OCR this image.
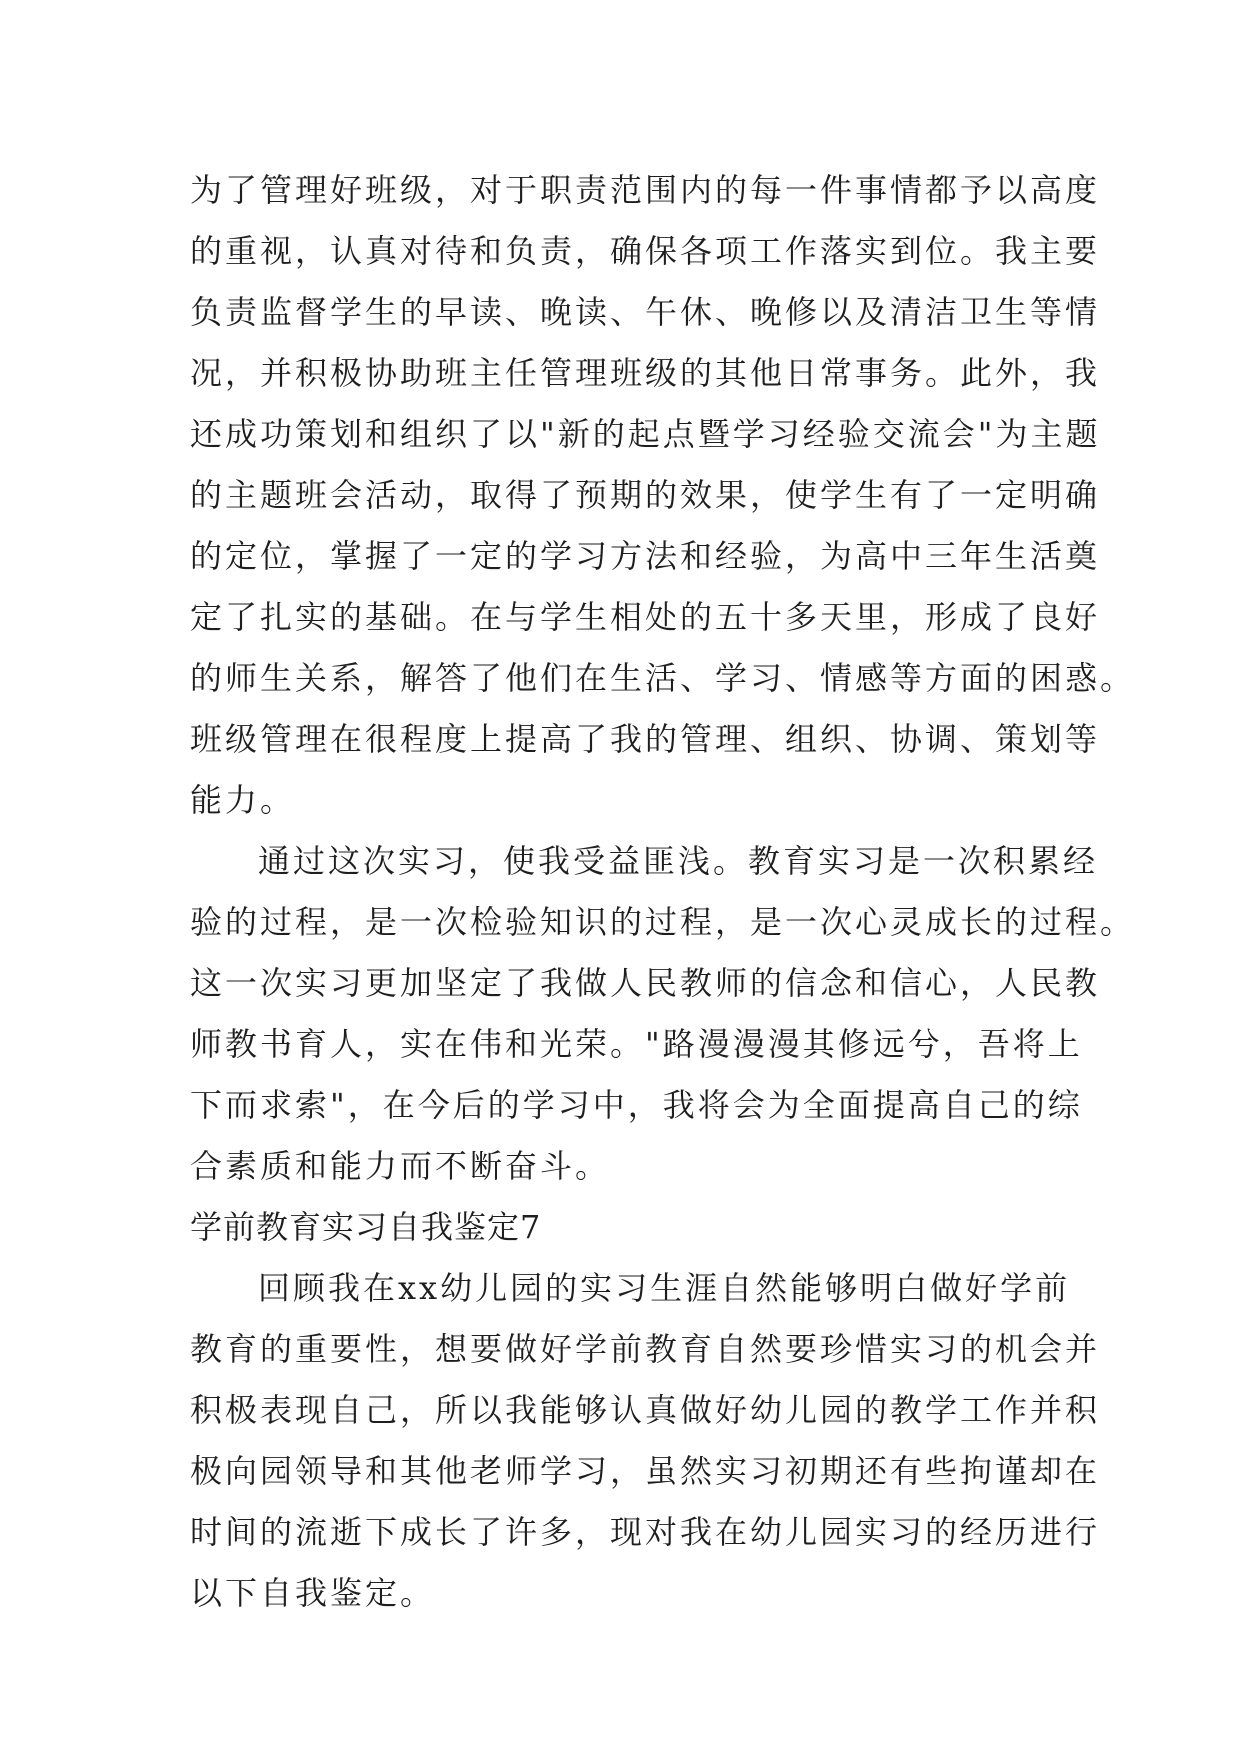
为了管理好班级，对于职责范围内的每一件事情都予以高度
的重视，认真对待和负责，确保各项工作落实到位。我主要
负责监督学生的早读、晚读、午休、晚修以及清洁卫生等情
况，并积极协助班主任管理班级的其他日常事务。此外，我
还成功策划和组织了以"新的起点暨学习经验交流会"为主题
的主题班会活动，取得了预期的效果，使学生有了一定明确
的定位，掌握了一定的学习方法和经验，为高中三年生活奠
定了扎实的基础。在与学生相处的五十多天里，形成了良好
的师生关系，解答了他们在生活、学习、情感等方面的困惑。
班级管理在很程度上提高了我的管理、组织、协调、策划等
能力。
通过这次实习，使我受益匪浅。教育实习是一次积累经
验的过程，是一次检验知识的过程，是一次心灵成长的过程。
这一次实习更加坚定了我做人民教师的信念和信心，人民教
师教书育人，实在伟和光荣。"路漫漫漫其修远兮，吾将上
下而求索"，在今后的学习中，我将会为全面提高自己的综
合素质和能力而不断奋斗。
学前教育实习自我鉴定7
回顾我在xx幼儿园的实习生涯自然能够明白做好学前
教育的重要性，想要做好学前教育自然要珍惜实习的机会并
积极表现自己，所以我能够认真做好幼儿园的教学工作并积
极向园领导和其他老师学习，虽然实习初期还有些拘谨却在
时间的流逝下成长了许多，现对我在幼儿园实习的经历进行
以下自我鉴定。
